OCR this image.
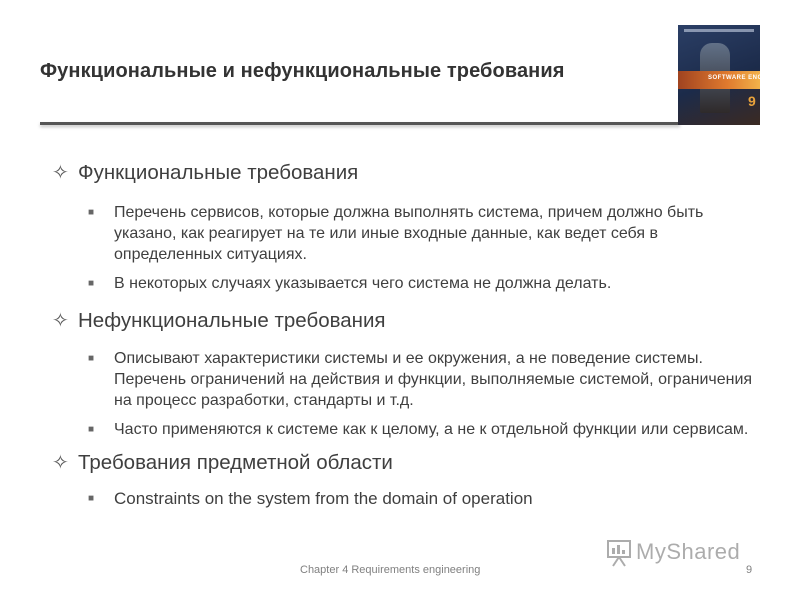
Функциональные и нефункциональные требования	SOFTWARE ENGINEERING
9
✧ Функциональные требования
■	Перечень сервисов, которые должна выполнять система, причем должно быть указано, как реагирует на те или иные входные данные, как ведет себя в определенных ситуациях.
■	В некоторых случаях указывается чего система не должна делать.
✧ Нефункциональные требования
■	Описывают характеристики системы и ее окружения, а не поведение системы. Перечень ограничений на действия и функции, выполняемые системой, ограничения на процесс разработки, стандарты и т.д.
■	Часто применяются к системе как к целому, а не к отдельной функции или сервисам.
✧ Требования предметной области
■	Constraints on the system from the domain of operation
MyShared
Chapter 4 Requirements engineering	9
